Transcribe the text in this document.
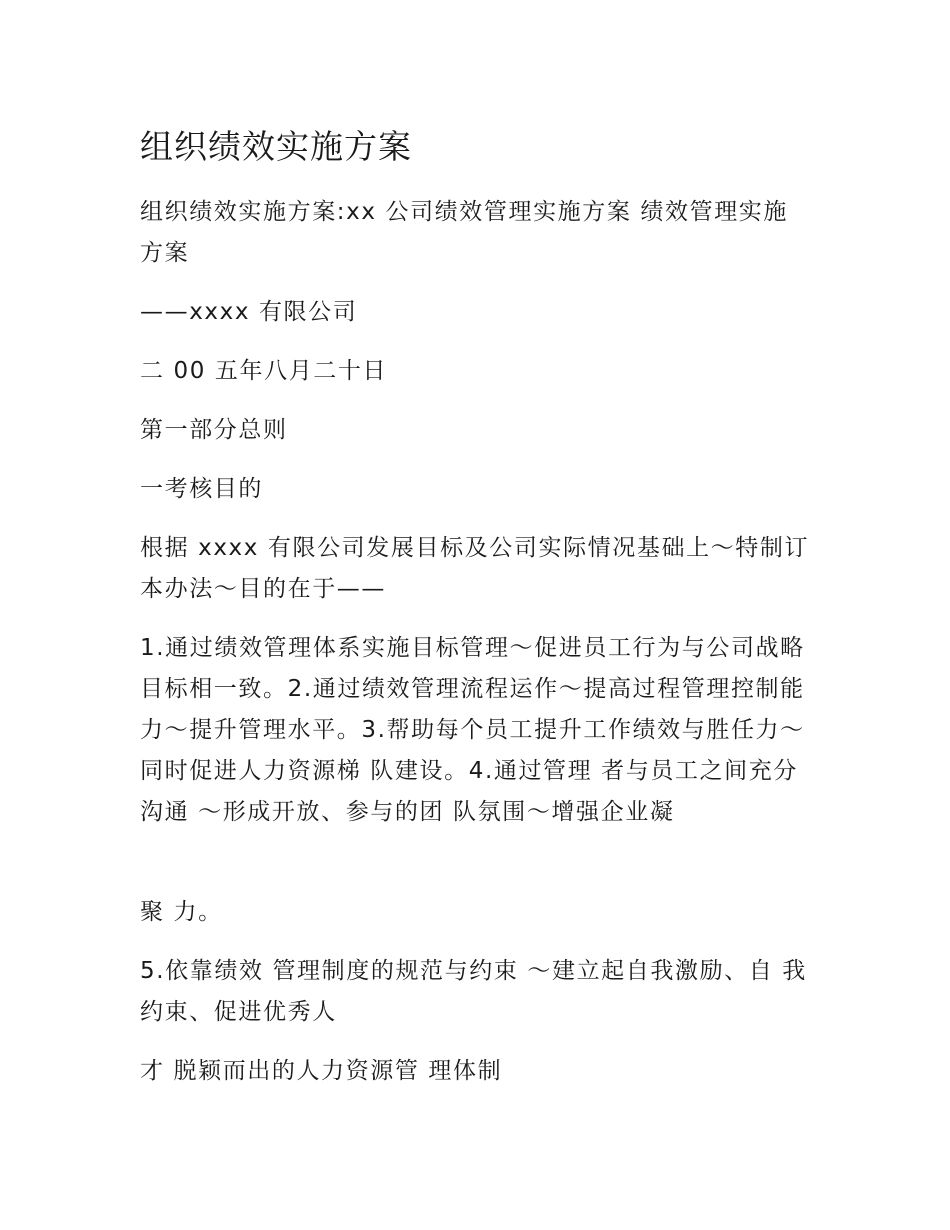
组织绩效实施方案

组织绩效实施方案:xx 公司绩效管理实施方案 绩效管理实施方案

——xxxx 有限公司

二 00 五年八月二十日

第一部分总则

一考核目的

根据 xxxx 有限公司发展目标及公司实际情况基础上～特制订本办法～目的在于——

1.通过绩效管理体系实施目标管理～促进员工行为与公司战略目标相一致。2.通过绩效管理流程运作～提高过程管理控制能力～提升管理水平。3.帮助每个员工提升工作绩效与胜任力～同时促进人力资源梯 队建设。4.通过管理 者与员工之间充分沟通 ～形成开放、参与的团 队氛围～增强企业凝

聚 力。

5.依靠绩效 管理制度的规范与约束 ～建立起自我激励、自 我约束、促进优秀人

才 脱颖而出的人力资源管 理体制
